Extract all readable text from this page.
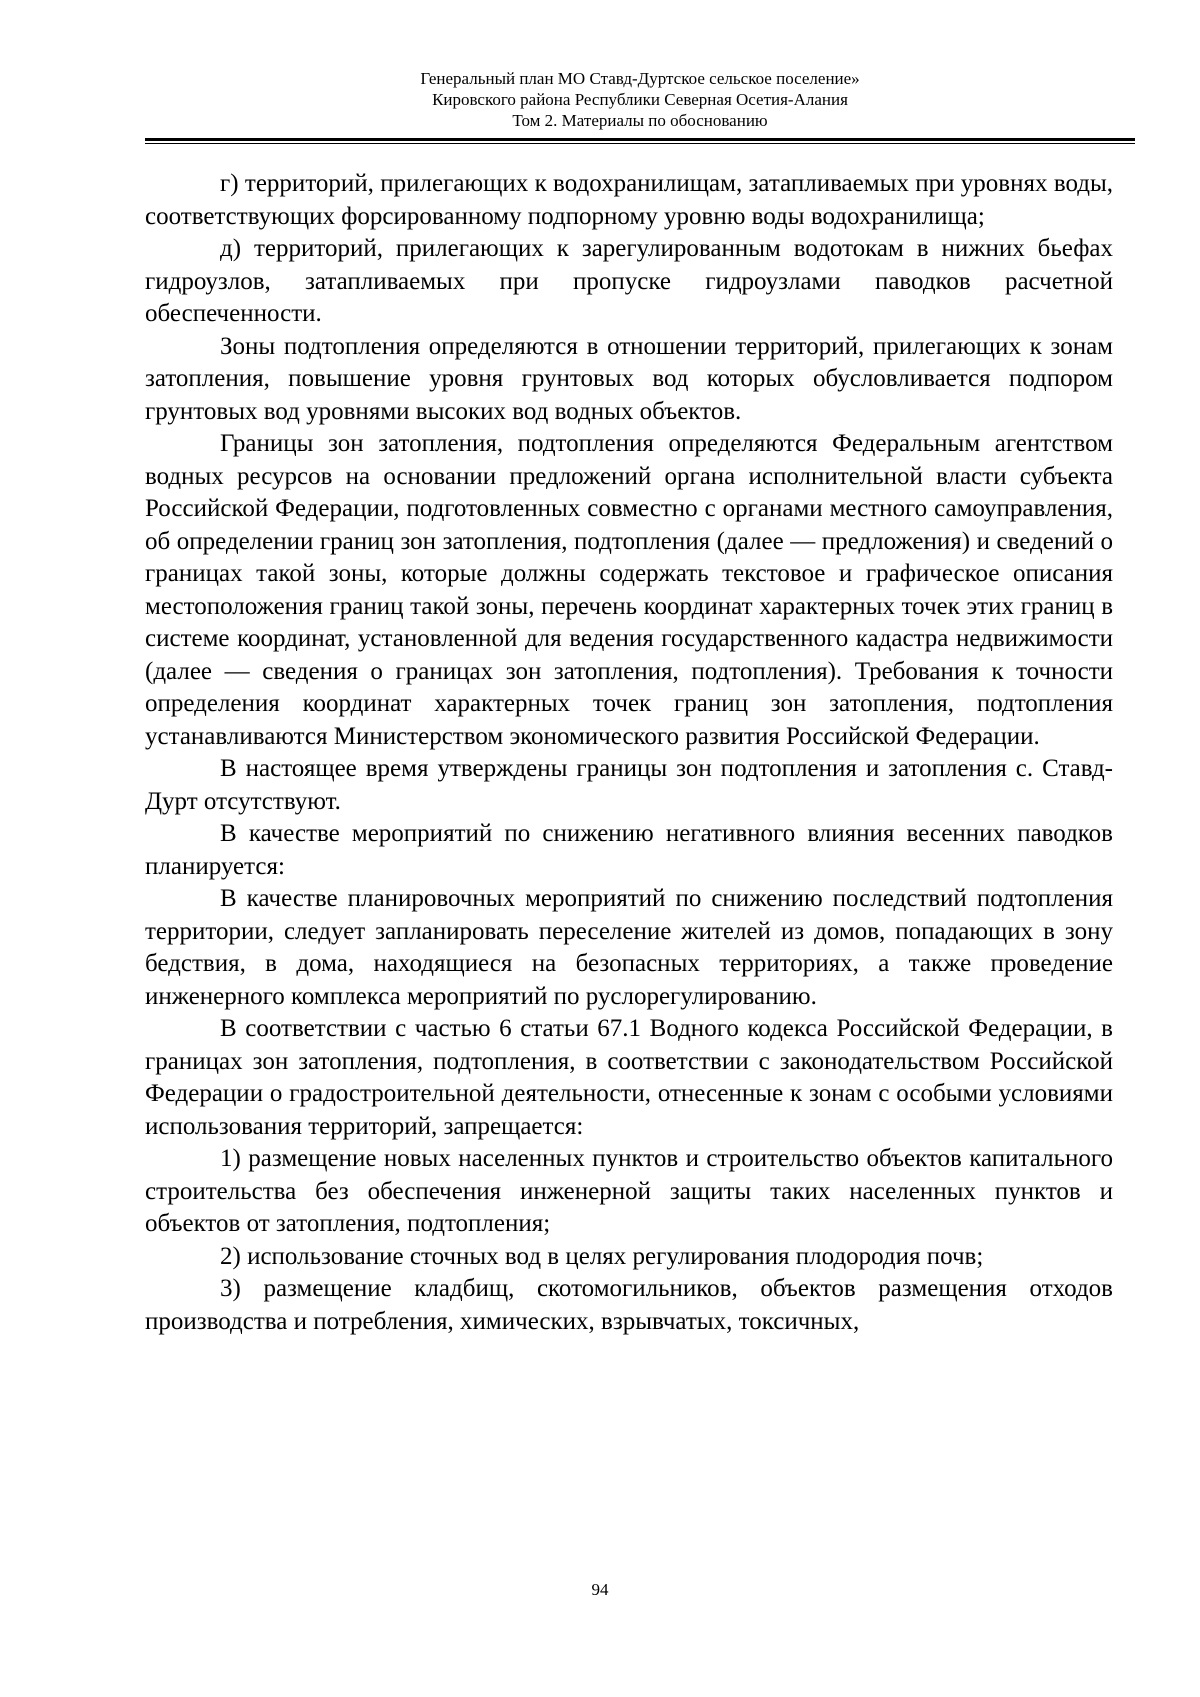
Генеральный план МО Ставд-Дуртское сельское поселение»
Кировского района Республики Северная Осетия-Алания
Том 2. Материалы по обоснованию

г) территорий, прилегающих к водохранилищам, затапливаемых при уровнях воды, соответствующих форсированному подпорному уровню воды водохранилища;

д) территорий, прилегающих к зарегулированным водотокам в нижних бьефах гидроузлов, затапливаемых при пропуске гидроузлами паводков расчетной обеспеченности.

Зоны подтопления определяются в отношении территорий, прилегающих к зонам затопления, повышение уровня грунтовых вод которых обусловливается подпором грунтовых вод уровнями высоких вод водных объектов.

Границы зон затопления, подтопления определяются Федеральным агентством водных ресурсов на основании предложений органа исполнительной власти субъекта Российской Федерации, подготовленных совместно с органами местного самоуправления, об определении границ зон затопления, подтопления (далее — предложения) и сведений о границах такой зоны, которые должны содержать текстовое и графическое описания местоположения границ такой зоны, перечень координат характерных точек этих границ в системе координат, установленной для ведения государственного кадастра недвижимости (далее — сведения о границах зон затопления, подтопления). Требования к точности определения координат характерных точек границ зон затопления, подтопления устанавливаются Министерством экономического развития Российской Федерации.

В настоящее время утверждены границы зон подтопления и затопления с. Ставд-Дурт отсутствуют.

В качестве мероприятий по снижению негативного влияния весенних паводков планируется:

В качестве планировочных мероприятий по снижению последствий подтопления территории, следует запланировать переселение жителей из домов, попадающих в зону бедствия, в дома, находящиеся на безопасных территориях, а также проведение инженерного комплекса мероприятий по руслорегулированию.

В соответствии с частью 6 статьи 67.1 Водного кодекса Российской Федерации, в границах зон затопления, подтопления, в соответствии с законодательством Российской Федерации о градостроительной деятельности, отнесенные к зонам с особыми условиями использования территорий, запрещается:

1) размещение новых населенных пунктов и строительство объектов капитального строительства без обеспечения инженерной защиты таких населенных пунктов и объектов от затопления, подтопления;

2) использование сточных вод в целях регулирования плодородия почв;

3) размещение кладбищ, скотомогильников, объектов размещения отходов производства и потребления, химических, взрывчатых, токсичных,

94
